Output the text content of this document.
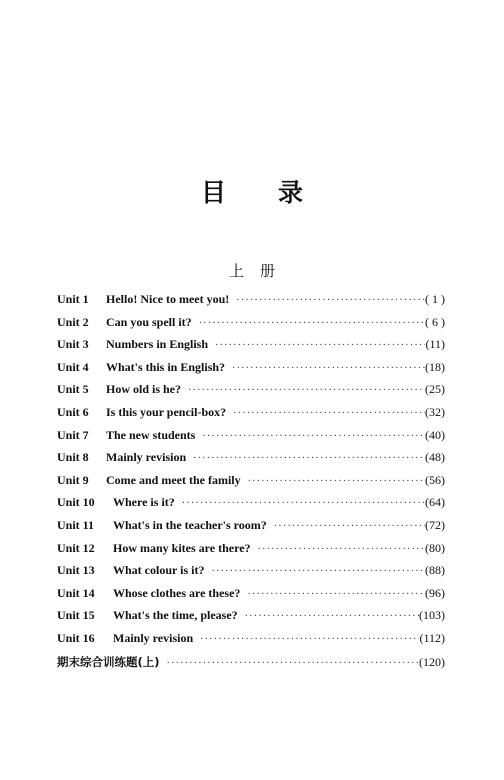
目 录
上 册
Unit 1	Hello! Nice to meet you! ·····	( 1 )
Unit 2	Can you spell it? ·····	( 6 )
Unit 3	Numbers in English ·····	(11)
Unit 4	What's this in English? ·····	(18)
Unit 5	How old is he? ·····	(25)
Unit 6	Is this your pencil-box? ·····	(32)
Unit 7	The new students ·····	(40)
Unit 8	Mainly revision ·····	(48)
Unit 9	Come and meet the family ·····	(56)
Unit 10	Where is it? ·····	(64)
Unit 11	What's in the teacher's room? ·····	(72)
Unit 12	How many kites are there? ·····	(80)
Unit 13	What colour is it? ·····	(88)
Unit 14	Whose clothes are these? ·····	(96)
Unit 15	What's the time, please? ·····	(103)
Unit 16	Mainly revision ·····	(112)
期末综合训练题(上) ·····	(120)
